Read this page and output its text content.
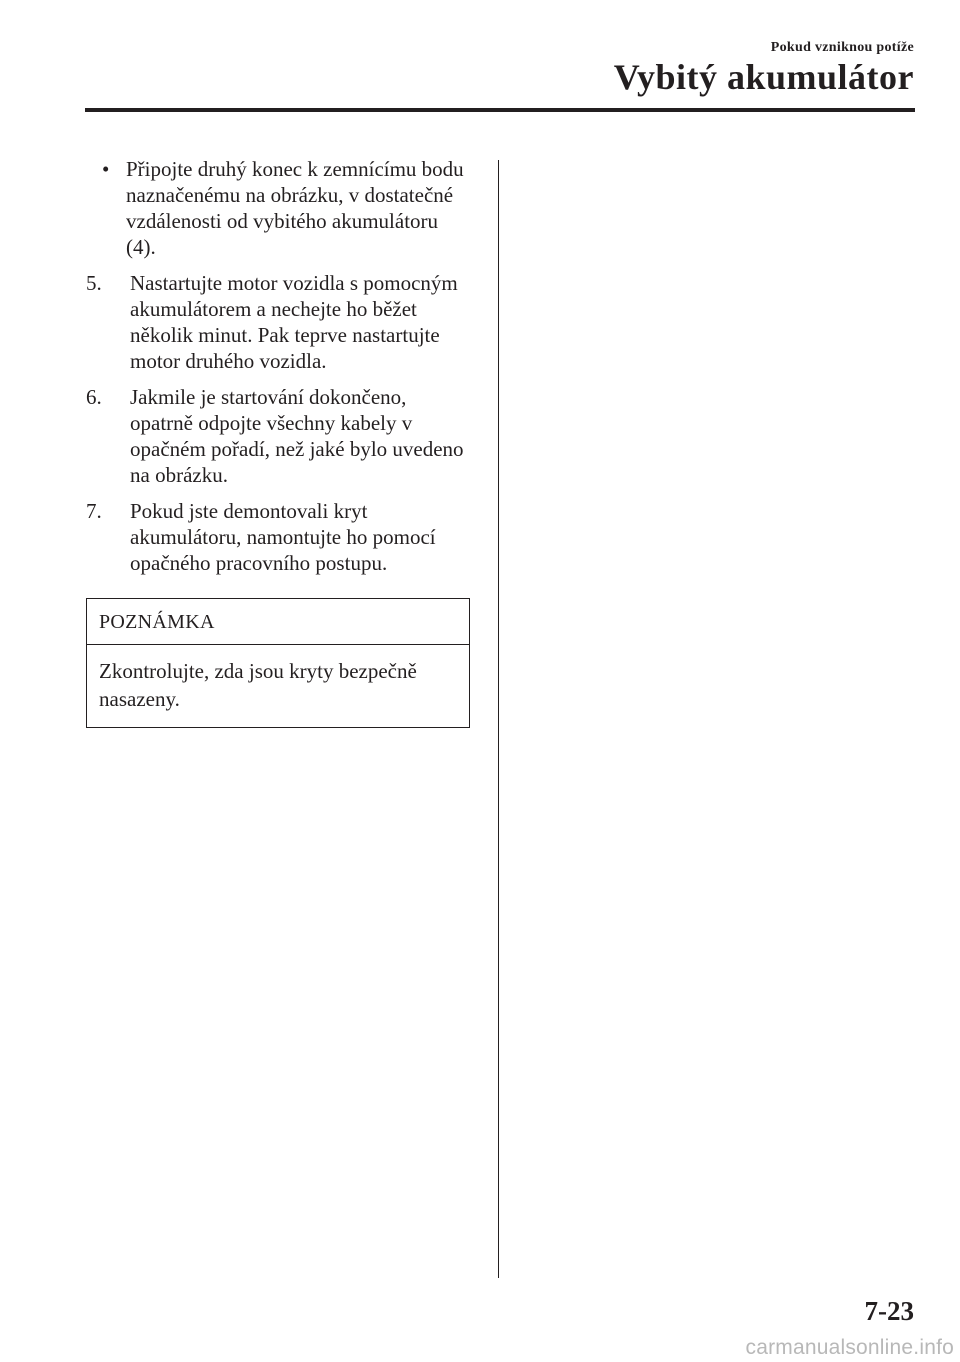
Pokud vzniknou potíže
Vybitý akumulátor
• Připojte druhý konec k zemnícímu bodu naznačenému na obrázku, v dostatečné vzdálenosti od vybitého akumulátoru (4).
5.	Nastartujte motor vozidla s pomocným akumulátorem a nechejte ho běžet několik minut. Pak teprve nastartujte motor druhého vozidla.
6.	Jakmile je startování dokončeno, opatrně odpojte všechny kabely v opačném pořadí, než jaké bylo uvedeno na obrázku.
7.	Pokud jste demontovali kryt akumulátoru, namontujte ho pomocí opačného pracovního postupu.
POZNÁMKA
Zkontrolujte, zda jsou kryty bezpečně nasazeny.
7-23
carmanualsonline.info
